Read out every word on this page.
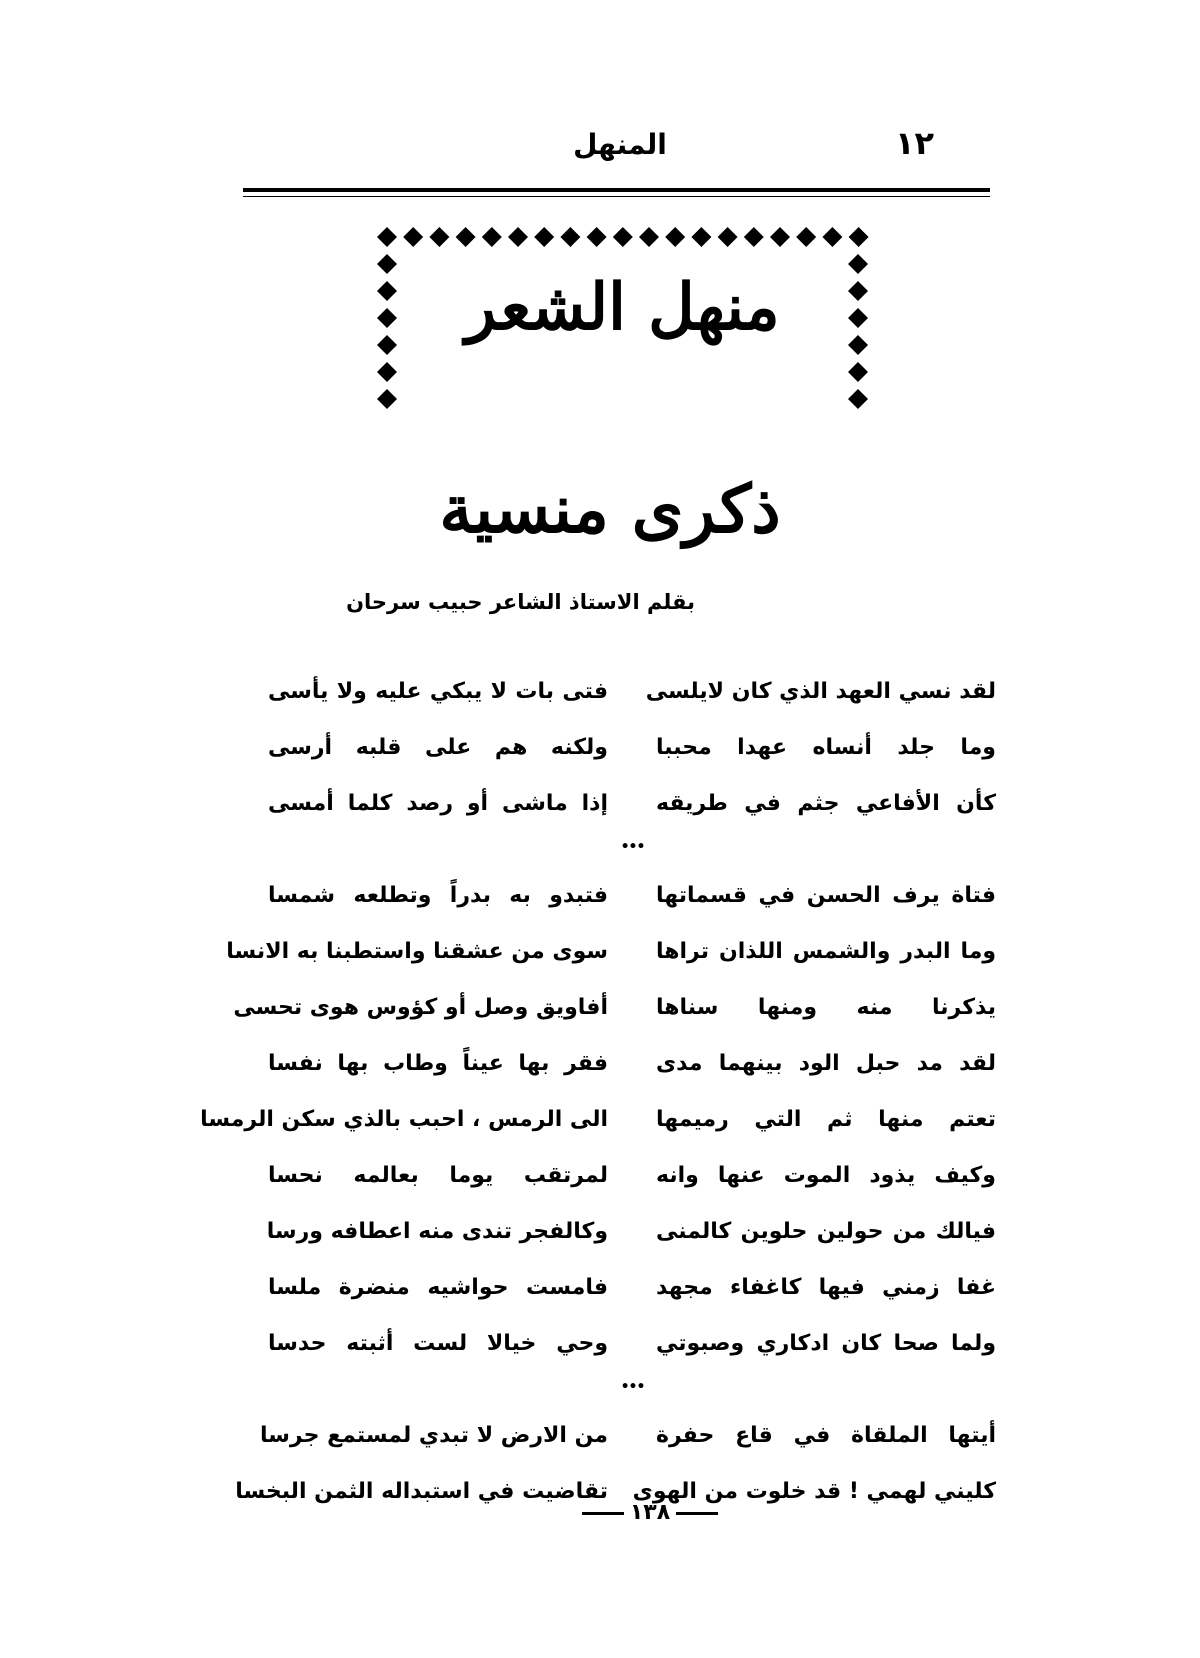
١٢
المنهل
منهل الشعر
ذكرى منسية
بقلم الاستاذ الشاعر حبيب سرحان
لقد نسي العهد الذي كان لايلسى
فتى بات لا يبكي عليه ولا يأسى
وما جلد أنساه عهدا محببا
ولكنه هم على قلبه أرسى
كأن الأفاعي جثم في طريقه
إذا ماشى أو رصد كلما أمسى
•••
فتاة يرف الحسن في قسماتها
فتبدو به بدراً وتطلعه شمسا
وما البدر والشمس اللذان تراها
سوى من عشقنا واستطبنا به الانسا
يذكرنا منه ومنها سناها
أفاويق وصل أو كؤوس هوى تحسى
لقد مد حبل الود بينهما مدى
فقر بها عيناً وطاب بها نفسا
تعتم منها ثم التي رميمها
الى الرمس ، احبب بالذي سكن الرمسا
وكيف يذود الموت عنها وانه
لمرتقب يوما بعالمه نحسا
فيالك من حولين حلوين كالمنى
وكالفجر تندى منه اعطافه ورسا
غفا زمني فيها كاغفاء مجهد
فامست حواشيه منضرة ملسا
ولما صحا كان ادكاري وصبوتي
وحي خيالا لست أثبته حدسا
•••
أيتها الملقاة في قاع حفرة
من الارض لا تبدي لمستمع جرسا
كليني لهمي ! قد خلوت من الهوى
تقاضيت في استبداله الثمن البخسا
١٣٨
